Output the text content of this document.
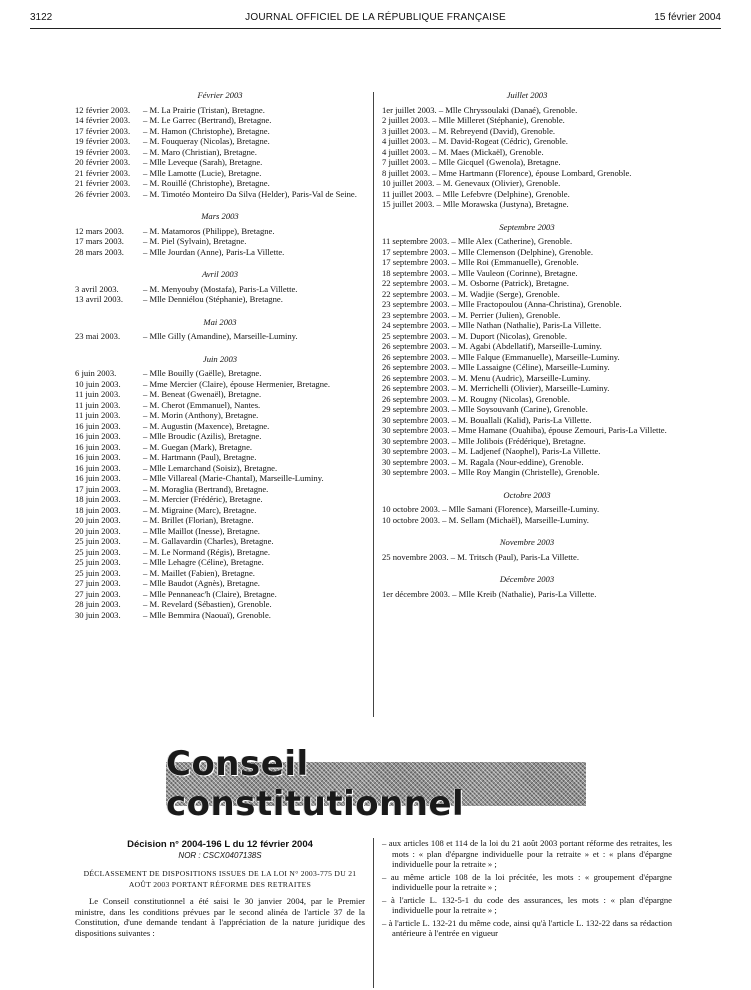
3122	JOURNAL OFFICIEL DE LA RÉPUBLIQUE FRANÇAISE	15 février 2004
Février 2003
12 février 2003. – M. La Prairie (Tristan), Bretagne.
14 février 2003. – M. Le Garrec (Bertrand), Bretagne.
17 février 2003. – M. Hamon (Christophe), Bretagne.
19 février 2003. – M. Fouqueray (Nicolas), Bretagne.
19 février 2003. – M. Maro (Christian), Bretagne.
20 février 2003. – Mlle Leveque (Sarah), Bretagne.
21 février 2003. – Mlle Lamotte (Lucie), Bretagne.
21 février 2003. – M. Rouillé (Christophe), Bretagne.
26 février 2003. – M. Timotéo Monteiro Da Silva (Helder), Paris-Val de Seine.
Mars 2003
12 mars 2003. – M. Matamoros (Philippe), Bretagne.
17 mars 2003. – M. Piel (Sylvain), Bretagne.
28 mars 2003. – Mlle Jourdan (Anne), Paris-La Villette.
Avril 2003
3 avril 2003.	– M. Menyouby (Mostafa), Paris-La Villette.
13 avril 2003. – Mlle Denniélou (Stéphanie), Bretagne.
Mai 2003
23 mai 2003.	– Mlle Gilly (Amandine), Marseille-Luminy.
Juin 2003
6 juin 2003.	– Mlle Bouilly (Gaëlle), Bretagne.
10 juin 2003.	– Mme Mercier (Claire), épouse Hermenier, Bretagne.
11 juin 2003.	– M. Beneat (Gwenaël), Bretagne.
11 juin 2003.	– M. Cherot (Emmanuel), Nantes.
11 juin 2003.	– M. Morin (Anthony), Bretagne.
16 juin 2003.	– M. Augustin (Maxence), Bretagne.
16 juin 2003.	– Mlle Broudic (Azilis), Bretagne.
16 juin 2003.	– M. Guegan (Mark), Bretagne.
16 juin 2003.	– M. Hartmann (Paul), Bretagne.
16 juin 2003.	– Mlle Lemarchand (Soisiz), Bretagne.
16 juin 2003.	– Mlle Villareal (Marie-Chantal), Marseille-Luminy.
17 juin 2003.	– M. Moraglia (Bertrand), Bretagne.
18 juin 2003.	– M. Mercier (Frédéric), Bretagne.
18 juin 2003.	– M. Migraine (Marc), Bretagne.
20 juin 2003.	– M. Brillet (Florian), Bretagne.
20 juin 2003.	– Mlle Maillot (Inesse), Bretagne.
25 juin 2003.	– M. Gallavardin (Charles), Bretagne.
25 juin 2003.	– M. Le Normand (Régis), Bretagne.
25 juin 2003.	– Mlle Lehagre (Céline), Bretagne.
25 juin 2003.	– M. Maillet (Fabien), Bretagne.
27 juin 2003.	– Mlle Baudot (Agnès), Bretagne.
27 juin 2003.	– Mlle Pennaneac'h (Claire), Bretagne.
28 juin 2003.	– M. Revelard (Sébastien), Grenoble.
30 juin 2003.	– Mlle Bemmira (Naouaï), Grenoble.
Juillet 2003
1er juillet 2003. – Mlle Chryssoulaki (Danaé), Grenoble.
2 juillet 2003. – Mlle Milleret (Stéphanie), Grenoble.
3 juillet 2003. – M. Rebreyend (David), Grenoble.
4 juillet 2003. – M. David-Rogeat (Cédric), Grenoble.
4 juillet 2003. – M. Maes (Mickaël), Grenoble.
7 juillet 2003. – Mlle Gicquel (Gwenola), Bretagne.
8 juillet 2003. – Mme Hartmann (Florence), épouse Lombard, Grenoble.
10 juillet 2003. – M. Genevaux (Olivier), Grenoble.
11 juillet 2003. – Mlle Lefebvre (Delphine), Grenoble.
15 juillet 2003. – Mlle Morawska (Justyna), Bretagne.
Septembre 2003
11 septembre 2003. – Mlle Alex (Catherine), Grenoble.
17 septembre 2003. – Mlle Clemenson (Delphine), Grenoble.
17 septembre 2003. – Mlle Roi (Emmanuelle), Grenoble.
18 septembre 2003. – Mlle Vauleon (Corinne), Bretagne.
22 septembre 2003. – M. Osborne (Patrick), Bretagne.
22 septembre 2003. – M. Wadjie (Serge), Grenoble.
23 septembre 2003. – Mlle Fractopoulou (Anna-Christina), Grenoble.
23 septembre 2003. – M. Perrier (Julien), Grenoble.
24 septembre 2003. – Mlle Nathan (Nathalie), Paris-La Villette.
25 septembre 2003. – M. Duport (Nicolas), Grenoble.
26 septembre 2003. – M. Agabi (Abdellatif), Marseille-Luminy.
26 septembre 2003. – Mlle Falque (Emmanuelle), Marseille-Luminy.
26 septembre 2003. – Mlle Lassaigne (Céline), Marseille-Luminy.
26 septembre 2003. – M. Menu (Audric), Marseille-Luminy.
26 septembre 2003. – M. Merrichelli (Olivier), Marseille-Luminy.
26 septembre 2003. – M. Rougny (Nicolas), Grenoble.
29 septembre 2003. – Mlle Soysouvanh (Carine), Grenoble.
30 septembre 2003. – M. Bouallali (Kalid), Paris-La Villette.
30 septembre 2003. – Mme Hamane (Ouahiba), épouse Zemouri, Paris-La Villette.
30 septembre 2003. – Mlle Jolibois (Frédérique), Bretagne.
30 septembre 2003. – M. Ladjenef (Naophel), Paris-La Villette.
30 septembre 2003. – M. Ragala (Nour-eddine), Grenoble.
30 septembre 2003. – Mlle Roy Mangin (Christelle), Grenoble.
Octobre 2003
10 octobre 2003. – Mlle Samani (Florence), Marseille-Luminy.
10 octobre 2003. – M. Sellam (Michaël), Marseille-Luminy.
Novembre 2003
25 novembre 2003. – M. Tritsch (Paul), Paris-La Villette.
Décembre 2003
1er décembre 2003. – Mlle Kreib (Nathalie), Paris-La Villette.
Conseil constitutionnel
Décision n° 2004-196 L du 12 février 2004
NOR : CSCX0407138S
DÉCLASSEMENT DE DISPOSITIONS ISSUES DE LA LOI N° 2003-775 DU 21 AOÛT 2003 PORTANT RÉFORME DES RETRAITES

Le Conseil constitutionnel a été saisi le 30 janvier 2004, par le Premier ministre, dans les conditions prévues par le second alinéa de l'article 37 de la Constitution, d'une demande tendant à l'appréciation de la nature juridique des dispositions suivantes :

– aux articles 108 et 114 de la loi du 21 août 2003 portant réforme des retraites, les mots : « plan d'épargne individuelle pour la retraite » et : « plans d'épargne individuelle pour la retraite » ;

– au même article 108 de la loi précitée, les mots : « groupement d'épargne individuelle pour la retraite » ;

– à l'article L. 132-5-1 du code des assurances, les mots : « plan d'épargne individuelle pour la retraite » ;

– à l'article L. 132-21 du même code, ainsi qu'à l'article L. 132-22 dans sa rédaction antérieure à l'entrée en vigueur
